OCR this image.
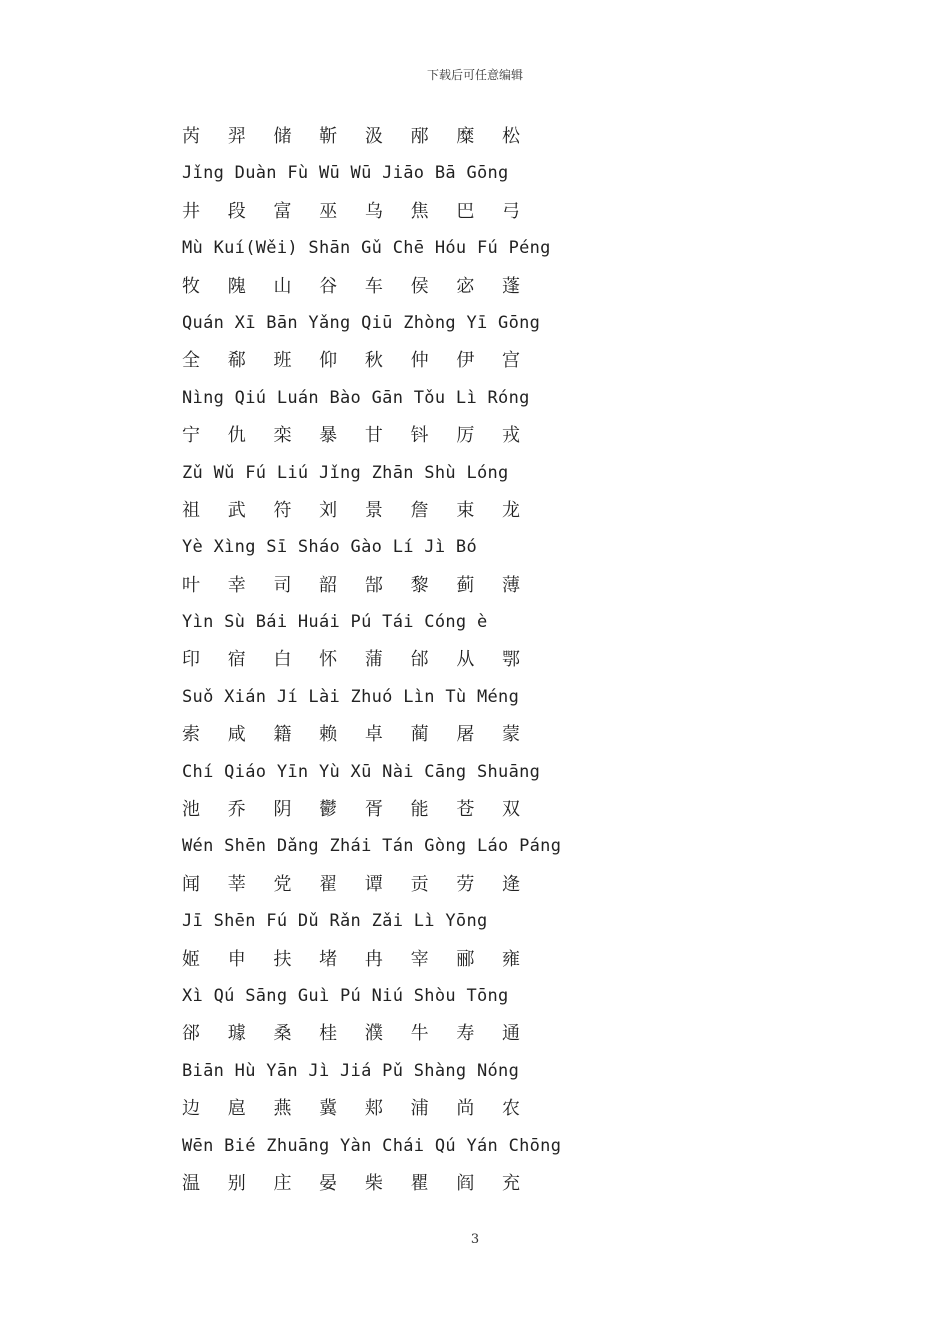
下载后可任意编辑
芮 羿 储 靳 汲 邴 糜 松
Jǐng Duàn Fù Wū Wū Jiāo Bā Gōng
井 段 富 巫 乌 焦 巴 弓
Mù Kuí(Wěi) Shān Gǔ Chē Hóu Fú Péng
牧 隗 山 谷 车 侯 宓 蓬
Quán Xī Bān Yǎng Qiū Zhòng Yī Gōng
全 郗 班 仰 秋 仲 伊 宫
Nìng Qiú Luán Bào Gān Tǒu Lì Róng
宁 仇 栾 暴 甘 钭 厉 戎
Zǔ Wǔ Fú Liú Jǐng Zhān Shù Lóng
祖 武 符 刘 景 詹 束 龙
Yè Xìng Sī Sháo Gào Lí Jì Bó
叶 幸 司 韶 郜 黎 蓟 薄
Yìn Sù Bái Huái Pú Tái Cóng è
印 宿 白 怀 蒲 邰 从 鄂
Suǒ Xián Jí Lài Zhuó Lìn Tù Méng
索 咸 籍 赖 卓 蔺 屠 蒙
Chí Qiáo Yīn Yù Xū Nài Cāng Shuāng
池 乔 阴 鬱 胥 能 苍 双
Wén Shēn Dǎng Zhái Tán Gòng Láo Páng
闻 莘 党 翟 谭 贡 劳 逄
Jī Shēn Fú Dǔ Rǎn Zǎi Lì Yōng
姬 申 扶 堵 冉 宰 郦 雍
Xì Qú Sāng Guì Pú Niú Shòu Tōng
郤 璩 桑 桂 濮 牛 寿 通
Biān Hù Yān Jì Jiá Pǔ Shàng Nóng
边 扈 燕 冀 郏 浦 尚 农
Wēn Bié Zhuāng Yàn Chái Qú Yán Chōng
温 别 庄 晏 柴 瞿 阎 充
3
